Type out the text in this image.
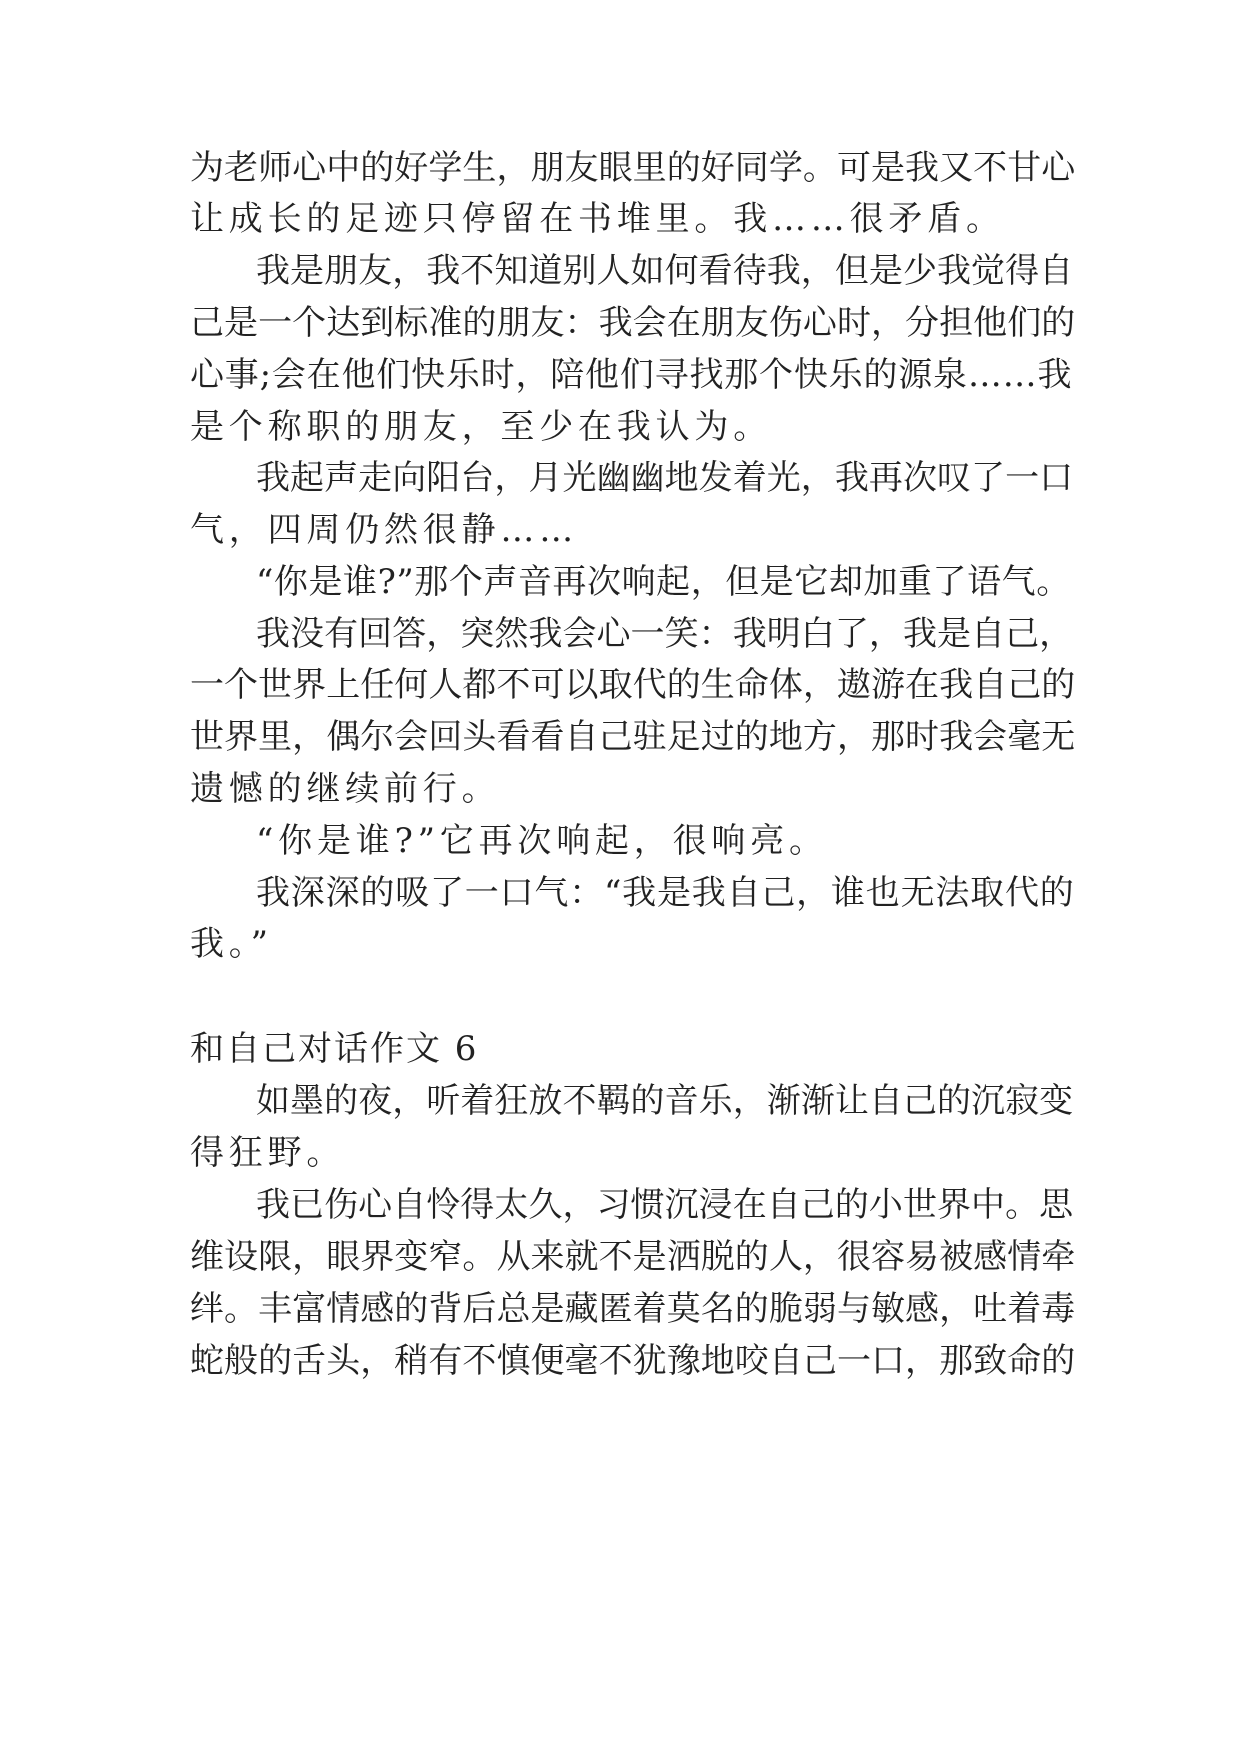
为老师心中的好学生，朋友眼里的好同学。可是我又不甘心
让成长的足迹只停留在书堆里。我……很矛盾。
我是朋友，我不知道别人如何看待我，但是少我觉得自
己是一个达到标准的朋友：我会在朋友伤心时，分担他们的
心事;会在他们快乐时，陪他们寻找那个快乐的源泉……我
是个称职的朋友，至少在我认为。
我起声走向阳台，月光幽幽地发着光，我再次叹了一口
气，四周仍然很静……
“你是谁?”那个声音再次响起，但是它却加重了语气。
我没有回答，突然我会心一笑：我明白了，我是自己，
一个世界上任何人都不可以取代的生命体，遨游在我自己的
世界里，偶尔会回头看看自己驻足过的地方，那时我会毫无
遗憾的继续前行。
“你是谁?”它再次响起，很响亮。
我深深的吸了一口气：“我是我自己，谁也无法取代的
我。”
和自己对话作文 6
如墨的夜，听着狂放不羁的音乐，渐渐让自己的沉寂变
得狂野。
我已伤心自怜得太久，习惯沉浸在自己的小世界中。思
维设限，眼界变窄。从来就不是洒脱的人，很容易被感情牵
绊。丰富情感的背后总是藏匿着莫名的脆弱与敏感，吐着毒
蛇般的舌头，稍有不慎便毫不犹豫地咬自己一口，那致命的
